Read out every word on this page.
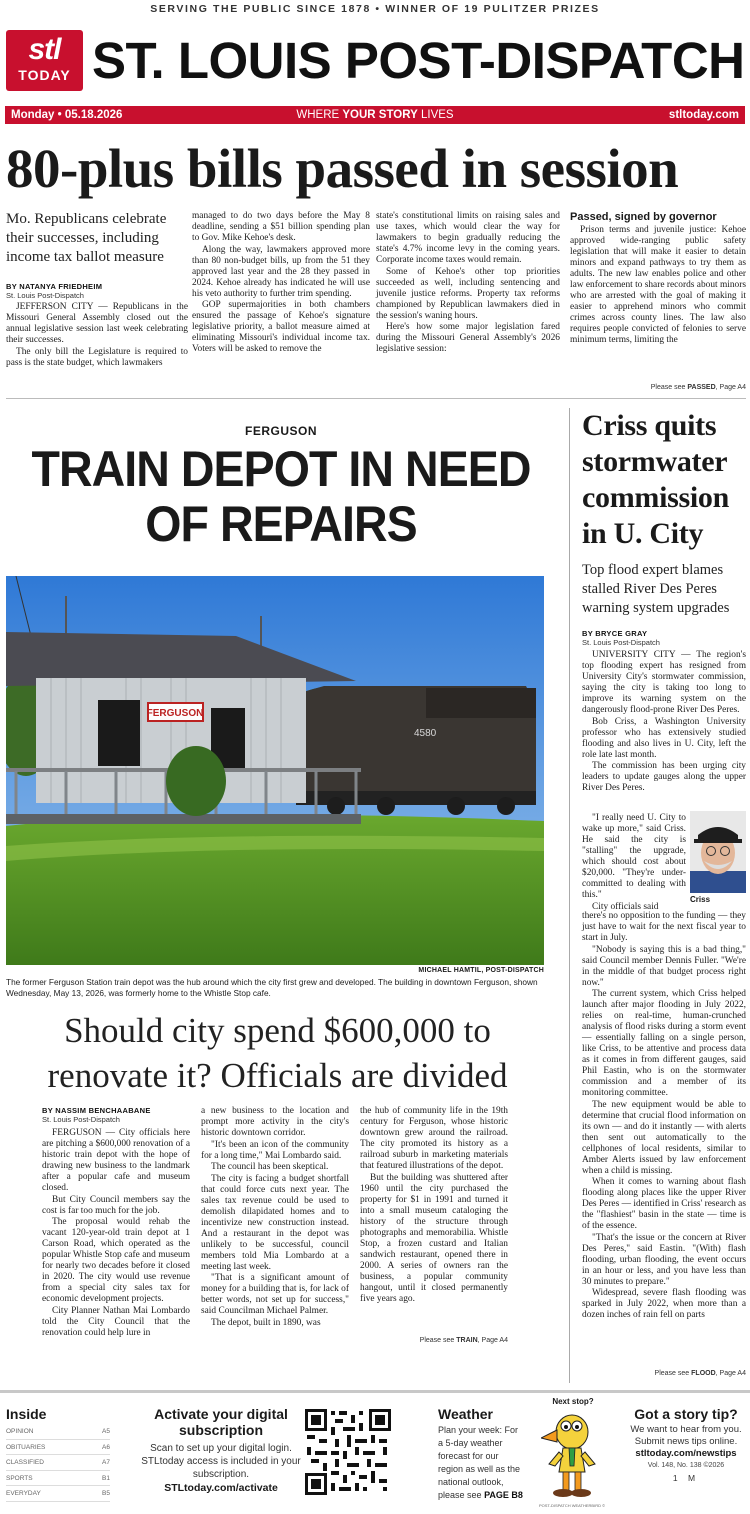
SERVING THE PUBLIC SINCE 1878 • WINNER OF 19 PULITZER PRIZES
stl
TODAY ST. LOUIS POST-DISPATCH
WHERE YOUR STORY LIVES
Monday • 05.18.2026	stltoday.com
80-plus bills passed in session
Mo. Republicans celebrate their successes, including income tax ballot measure
BY NATANYA FRIEDHEIM
St. Louis Post-Dispatch

JEFFERSON CITY — Republicans in the Missouri General Assembly closed out the annual legislative session last week celebrating their successes.

The only bill the Legislature is required to pass is the state budget, which lawmakers

managed to do two days before the May 8 deadline, sending a $51 billion spending plan to Gov. Mike Kehoe's desk.

Along the way, lawmakers approved more than 80 non-budget bills, up from the 51 they approved last year and the 28 they passed in 2024. Kehoe already has indicated he will use his veto authority to further trim spending.

GOP supermajorities in both chambers ensured the passage of Kehoe's signature legislative priority, a ballot measure aimed at eliminating Missouri's individual income tax. Voters will be asked to remove the

state's constitutional limits on raising sales and use taxes, which would clear the way for lawmakers to begin gradually reducing the state's 4.7% income levy in the coming years. Corporate income taxes would remain.

Some of Kehoe's other top priorities succeeded as well, including sentencing and juvenile justice reforms. Property tax reforms championed by Republican lawmakers died in the session's waning hours.

Here's how some major legislation fared during the Missouri General Assembly's 2026 legislative session:

Passed, signed by governor

Prison terms and juvenile justice: Kehoe approved wide-ranging public safety legislation that will make it easier to detain minors and expand pathways to try them as adults. The new law enables police and other law enforcement to share records about minors who are arrested with the goal of making it easier to apprehend minors who commit crimes across county lines. The law also requires people convicted of felonies to serve minimum terms, limiting the

Please see PASSED, Page A4
FERGUSON
TRAIN DEPOT IN NEED OF REPAIRS
FERGUSON
4580
MICHAEL HAMTIL, POST-DISPATCH
The former Ferguson Station train depot was the hub around which the city first grew and developed. The building in downtown Ferguson, shown Wednesday, May 13, 2026, was formerly home to the Whistle Stop cafe.
Should city spend $600,000 to renovate it? Officials are divided
BY NASSIM BENCHAABANE
St. Louis Post-Dispatch

FERGUSON — City officials here are pitching a $600,000 renovation of a historic train depot with the hope of drawing new business to the landmark after a popular cafe and museum closed.

But City Council members say the cost is far too much for the job.

The proposal would rehab the vacant 120-year-old train depot at 1 Carson Road, which operated as the popular Whistle Stop cafe and museum for nearly two decades before it closed in 2020. The city would use revenue from a special city sales tax for economic development projects.

City Planner Nathan Mai Lombardo told the City Council that the renovation could help lure in

a new business to the location and prompt more activity in the city's historic downtown corridor.

"It's been an icon of the community for a long time," Mai Lombardo said.

The council has been skeptical.

The city is facing a budget shortfall that could force cuts next year. The sales tax revenue could be used to demolish dilapidated homes and to incentivize new construction instead. And a restaurant in the depot was unlikely to be successful, council members told Mia Lombardo at a meeting last week.

"That is a significant amount of money for a building that is, for lack of better words, not set up for success," said Councilman Michael Palmer.

The depot, built in 1890, was

the hub of community life in the 19th century for Ferguson, whose historic downtown grew around the railroad. The city promoted its history as a railroad suburb in marketing materials that featured illustrations of the depot.

But the building was shuttered after 1960 until the city purchased the property for $1 in 1991 and turned it into a small museum cataloging the history of the structure through photographs and memorabilia. Whistle Stop, a frozen custard and Italian sandwich restaurant, opened there in 2000. A series of owners ran the business, a popular community hangout, until it closed permanently five years ago.

Please see TRAIN, Page A4
Criss quits stormwater commission in U. City
Top flood expert blames stalled River Des Peres warning system upgrades
BY BRYCE GRAY
St. Louis Post-Dispatch

UNIVERSITY CITY — The region's top flooding expert has resigned from University City's stormwater commission, saying the city is taking too long to improve its warning system on the dangerously flood-prone River Des Peres.

Bob Criss, a Washington University professor who has extensively studied flooding and also lives in U. City, left the role late last month.

The commission has been urging city leaders to update gauges along the upper River Des Peres.

"I really need U. City to wake up more," said Criss. He said the city is "stalling" the upgrade, which should cost about $20,000. "They're under-committed to dealing with this."

City officials said

Criss

there's no opposition to the funding — they just have to wait for the next fiscal year to start in July.

"Nobody is saying this is a bad thing," said Council member Dennis Fuller. "We're in the middle of that budget process right now."

The current system, which Criss helped launch after major flooding in July 2022, relies on real-time, human-crunched analysis of flood risks during a storm event — essentially falling on a single person, like Criss, to be attentive and process data as it comes in from different gauges, said Phil Eastin, who is on the stormwater commission and a member of its monitoring committee.

The new equipment would be able to determine that crucial flood information on its own — and do it instantly — with alerts then sent out automatically to the cellphones of local residents, similar to Amber Alerts issued by law enforcement when a child is missing.

When it comes to warning about flash flooding along places like the upper River Des Peres — identified in Criss' research as the "flashiest" basin in the state — time is of the essence.

"That's the issue or the concern at River Des Peres," said Eastin. "(With) flash flooding, urban flooding, the event occurs in an hour or less, and you have less than 30 minutes to prepare."

Widespread, severe flash flooding was sparked in July 2022, when more than a dozen inches of rain fell on parts

Please see FLOOD, Page A4
Inside
OPINION	A5
OBITUARIES	A6
CLASSIFIED	A7
SPORTS	B1
EVERYDAY	B5
Activate your digital subscription
Scan to set up your digital login. STLtoday access is included in your subscription.
STLtoday.com/activate
Weather
Plan your week: For a 5-day weather forecast for our region as well as the national outlook, please see PAGE B8
Next stop?
POST-DISPATCH WEATHERBIRD ©
Got a story tip?
We want to hear from you. Submit news tips online.
stltoday.com/newstips
Vol. 148, No. 138 ©2026
1 M
